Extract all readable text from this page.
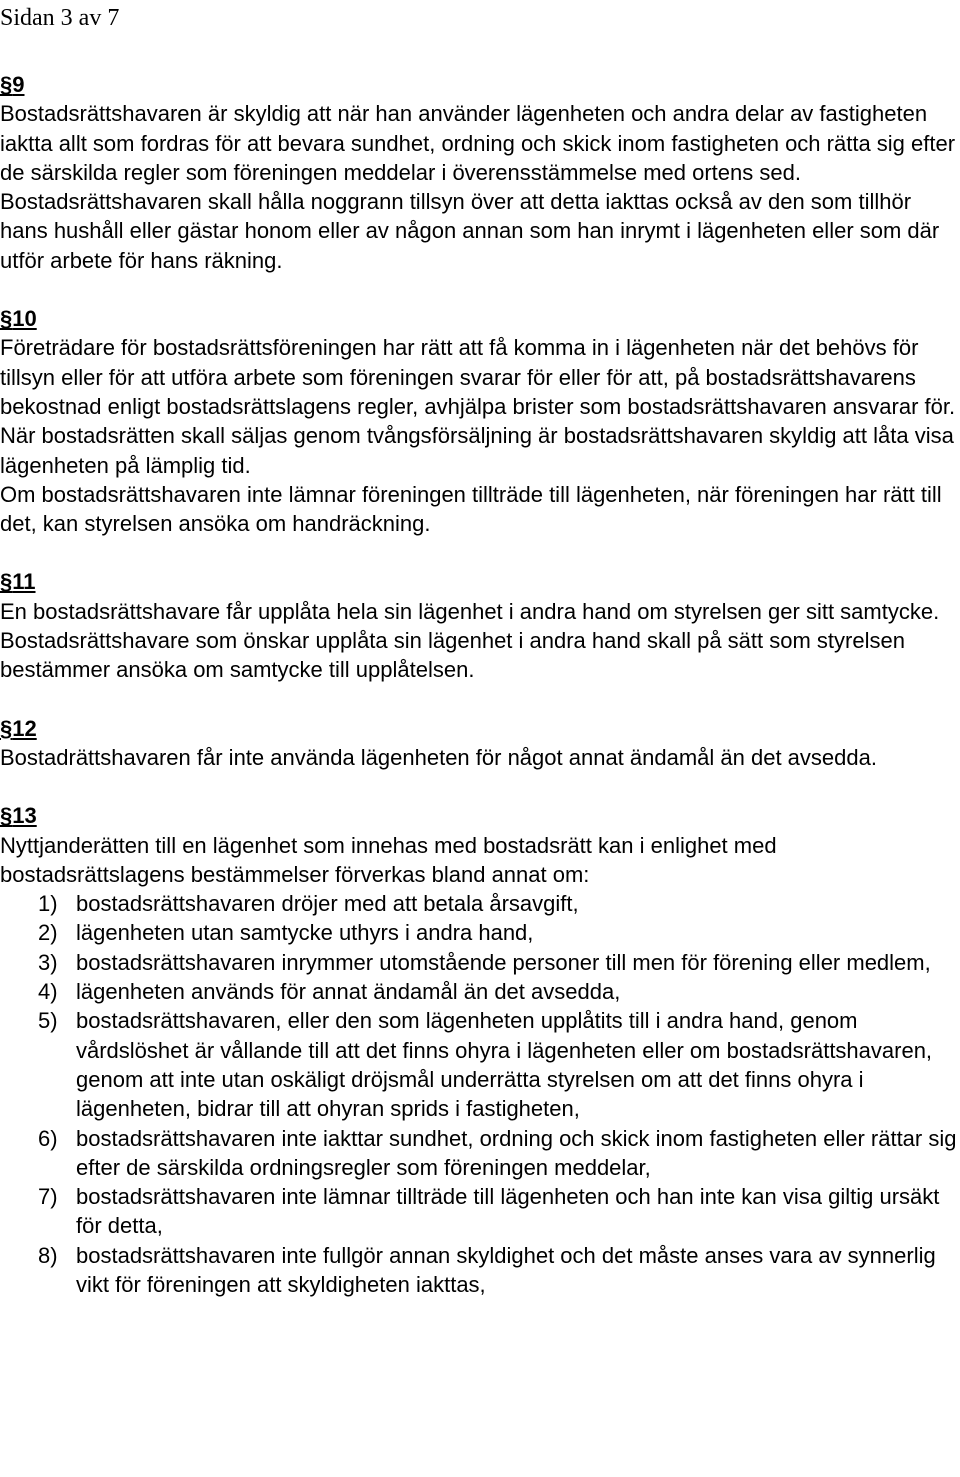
Sidan 3 av 7
§9

Bostadsrättshavaren är skyldig att när han använder lägenheten och andra delar av fastigheten iaktta allt som fordras för att bevara sundhet, ordning och skick inom fastigheten och rätta sig efter de särskilda regler som föreningen meddelar i överensstämmelse med ortens sed. Bostadsrättshavaren skall hålla noggrann tillsyn över att detta iakttas också av den som tillhör hans hushåll eller gästar honom eller av någon annan som han inrymt i lägenheten eller som där utför arbete för hans räkning.

§10

Företrädare för bostadsrättsföreningen har rätt att få komma in i lägenheten när det behövs för tillsyn eller för att utföra arbete som föreningen svarar för eller för att, på bostadsrättshavarens bekostnad enligt bostadsrättslagens regler, avhjälpa brister som bostadsrättshavaren ansvarar för.

När bostadsrätten skall säljas genom tvångsförsäljning är bostadsrättshavaren skyldig att låta visa lägenheten på lämplig tid.

Om bostadsrättshavaren inte lämnar föreningen tillträde till lägenheten, när föreningen har rätt till det, kan styrelsen ansöka om handräckning.

§11

En bostadsrättshavare får upplåta hela sin lägenhet i andra hand om styrelsen ger sitt samtycke.

Bostadsrättshavare som önskar upplåta sin lägenhet i andra hand skall på sätt som styrelsen bestämmer ansöka om samtycke till upplåtelsen.

§12

Bostadrättshavaren får inte använda lägenheten för något annat ändamål än det avsedda.

§13

Nyttjanderätten till en lägenhet som innehas med bostadsrätt kan i enlighet med bostadsrättslagens bestämmelser förverkas bland annat om:

1) bostadsrättshavaren dröjer med att betala årsavgift,
2) lägenheten utan samtycke uthyrs i andra hand,
3) bostadsrättshavaren inrymmer utomstående personer till men för förening eller medlem,
4) lägenheten används för annat ändamål än det avsedda,
5) bostadsrättshavaren, eller den som lägenheten upplåtits till i andra hand, genom vårdslöshet är vållande till att det finns ohyra i lägenheten eller om bostadsrättshavaren, genom att inte utan oskäligt dröjsmål underrätta styrelsen om att det finns ohyra i lägenheten, bidrar till att ohyran sprids i fastigheten,
6) bostadsrättshavaren inte iakttar sundhet, ordning och skick inom fastigheten eller rättar sig efter de särskilda ordningsregler som föreningen meddelar,
7) bostadsrättshavaren inte lämnar tillträde till lägenheten och han inte kan visa giltig ursäkt för detta,
8) bostadsrättshavaren inte fullgör annan skyldighet och det måste anses vara av synnerlig vikt för föreningen att skyldigheten iakttas,
